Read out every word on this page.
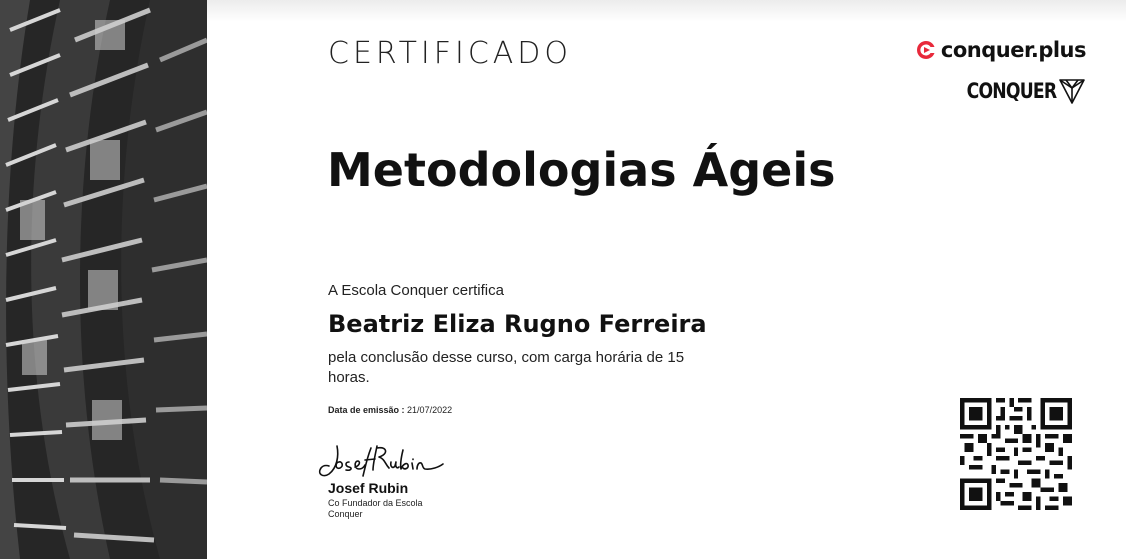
CERTIFICADO	conquer.plus
CONQUER
Metodologias Ágeis
A Escola Conquer certifica
Beatriz Eliza Rugno Ferreira
pela conclusão desse curso, com carga horária de 15 horas.
Data de emissão : 21/07/2022
Josef Rubin
Co Fundador da Escola Conquer
